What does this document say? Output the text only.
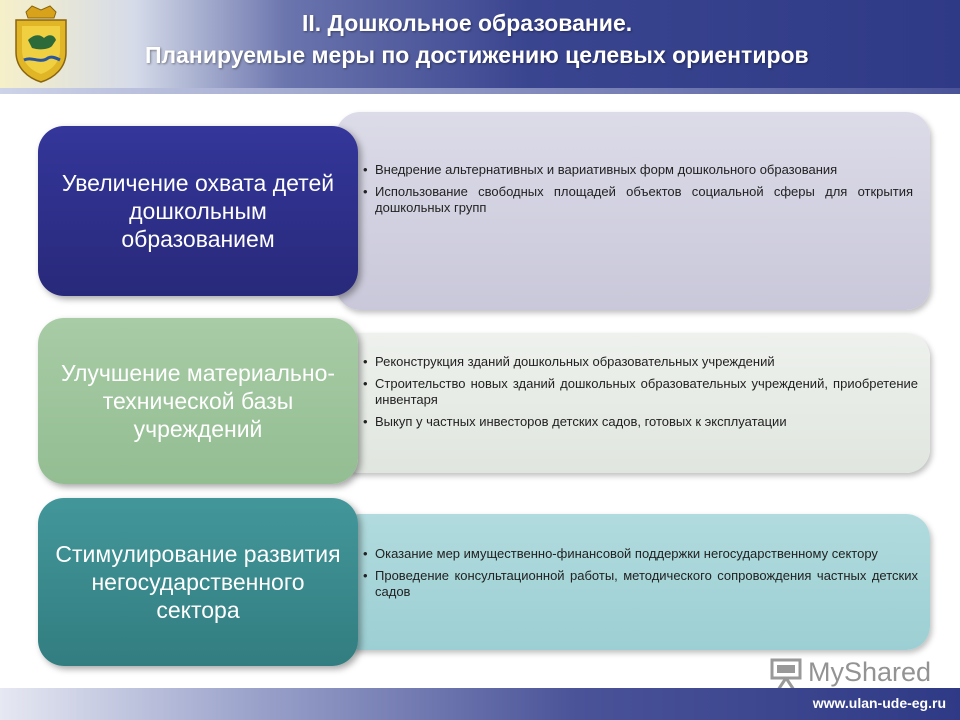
II. Дошкольное образование.
Планируемые меры по достижению целевых ориентиров
Увеличение охвата детей дошкольным образованием
• Внедрение альтернативных и вариативных форм дошкольного образования
• Использование свободных площадей объектов социальной сферы для открытия дошкольных групп
Улучшение материально-технической базы учреждений
• Реконструкция зданий дошкольных образовательных учреждений
• Строительство новых зданий дошкольных образовательных учреждений, приобретение инвентаря
• Выкуп у частных инвесторов детских садов, готовых к эксплуатации
Стимулирование развития негосударственного сектора
• Оказание мер имущественно-финансовой поддержки негосударственному сектору
• Проведение консультационной работы, методического сопровождения частных детских садов
MyShared
www.ulan-ude-eg.ru
